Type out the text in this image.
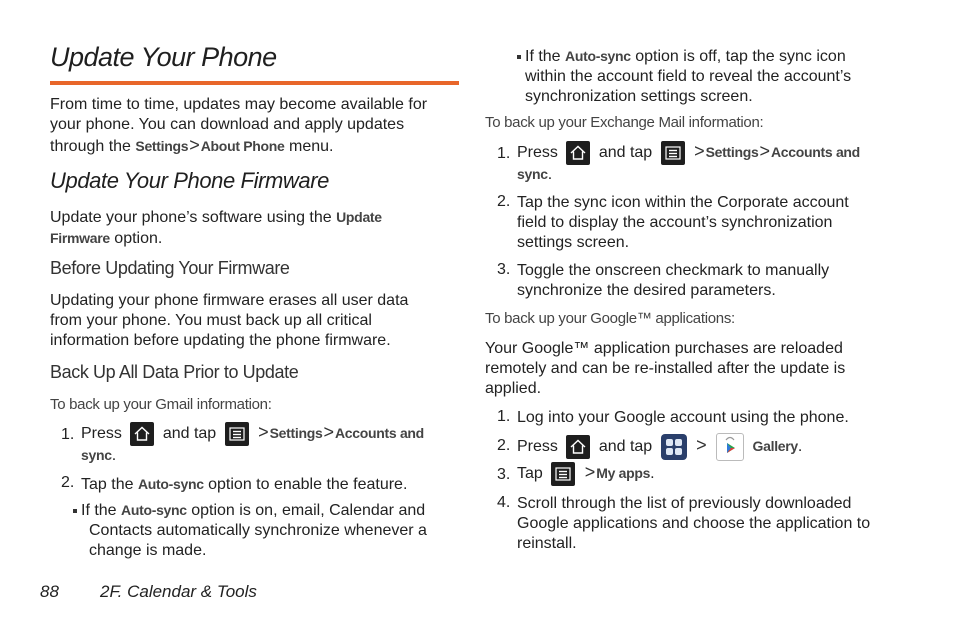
Update Your Phone

From time to time, updates may become available for

your phone. You can download and apply updates

through the Settings>About Phone menu.

Update Your Phone Firmware

Update your phone’s software using the Update

Firmware option.

Before Updating Your Firmware

Updating your phone firmware erases all user data

from your phone. You must back up all critical

information before updating the phone firmware.

Back Up All Data Prior to Update
To back up your Gmail information:
1. Press	and tap >Settings>Accounts and
sync.
2. Tap the Auto-sync option to enable the feature.

If the Auto-sync option is on, email, Calendar and

Contacts automatically synchronize whenever a

change is made.

88 2F. Calendar & Tools

If the Auto-sync option is off, tap the sync icon

within the account field to reveal the account’s

synchronization settings screen.

To back up your Exchange Mail information:
1. Press	and tap >Settings>Accounts and
sync.
2. Tap the sync icon within the Corporate account

field to display the account’s synchronization

settings screen.

3. Toggle the onscreen checkmark to manually

synchronize the desired parameters.

To back up your Google™ applications:

Your Google™ application purchases are reloaded

remotely and can be re-installed after the update is

applied.

1. Log into your Google account using the phone.
2. Press	and tap >	Gallery.
3. Tap >My apps.
4. Scroll through the list of previously downloaded

Google applications and choose the application to

reinstall.
